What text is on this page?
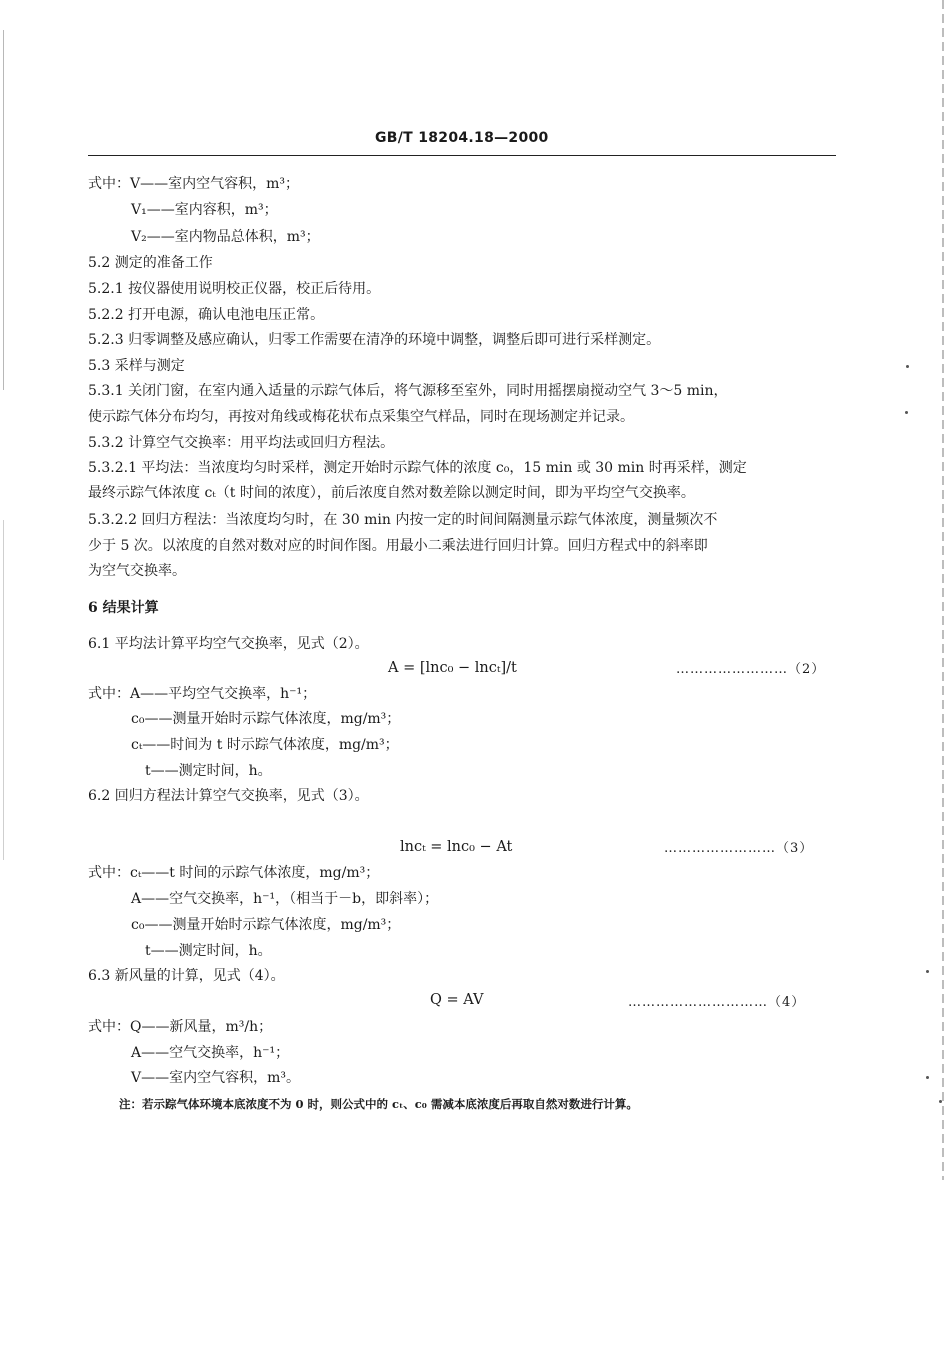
GB/T 18204.18—2000
式中：V——室内空气容积，m³；
V₁——室内容积，m³；
V₂——室内物品总体积，m³；
5.2 测定的准备工作
5.2.1 按仪器使用说明校正仪器，校正后待用。
5.2.2 打开电源，确认电池电压正常。
5.2.3 归零调整及感应确认，归零工作需要在清净的环境中调整，调整后即可进行采样测定。
5.3 采样与测定
5.3.1 关闭门窗，在室内通入适量的示踪气体后，将气源移至室外，同时用摇摆扇搅动空气 3～5 min，
使示踪气体分布均匀，再按对角线或梅花状布点采集空气样品，同时在现场测定并记录。
5.3.2 计算空气交换率：用平均法或回归方程法。
5.3.2.1 平均法：当浓度均匀时采样，测定开始时示踪气体的浓度 c₀，15 min 或 30 min 时再采样，测定
最终示踪气体浓度 cₜ（t 时间的浓度），前后浓度自然对数差除以测定时间，即为平均空气交换率。
5.3.2.2 回归方程法：当浓度均匀时，在 30 min 内按一定的时间间隔测量示踪气体浓度，测量频次不
少于 5 次。以浓度的自然对数对应的时间作图。用最小二乘法进行回归计算。回归方程式中的斜率即
为空气交换率。
6 结果计算
6.1 平均法计算平均空气交换率，见式（2）。
A = [lnc₀ − lncₜ]/t	……………………（2）
式中：A——平均空气交换率，h⁻¹；
c₀——测量开始时示踪气体浓度，mg/m³；
cₜ——时间为 t 时示踪气体浓度，mg/m³；
t——测定时间，h。
6.2 回归方程法计算空气交换率，见式（3）。
lncₜ = lnc₀ − At	……………………（3）
式中：cₜ——t 时间的示踪气体浓度，mg/m³；
A——空气交换率，h⁻¹，（相当于－b，即斜率）；
c₀——测量开始时示踪气体浓度，mg/m³；
t——测定时间，h。
6.3 新风量的计算，见式（4）。
Q = AV	…………………………（4）
式中：Q——新风量，m³/h；
A——空气交换率，h⁻¹；
V——室内空气容积，m³。
注：若示踪气体环境本底浓度不为 0 时，则公式中的 cₜ、c₀ 需减本底浓度后再取自然对数进行计算。
